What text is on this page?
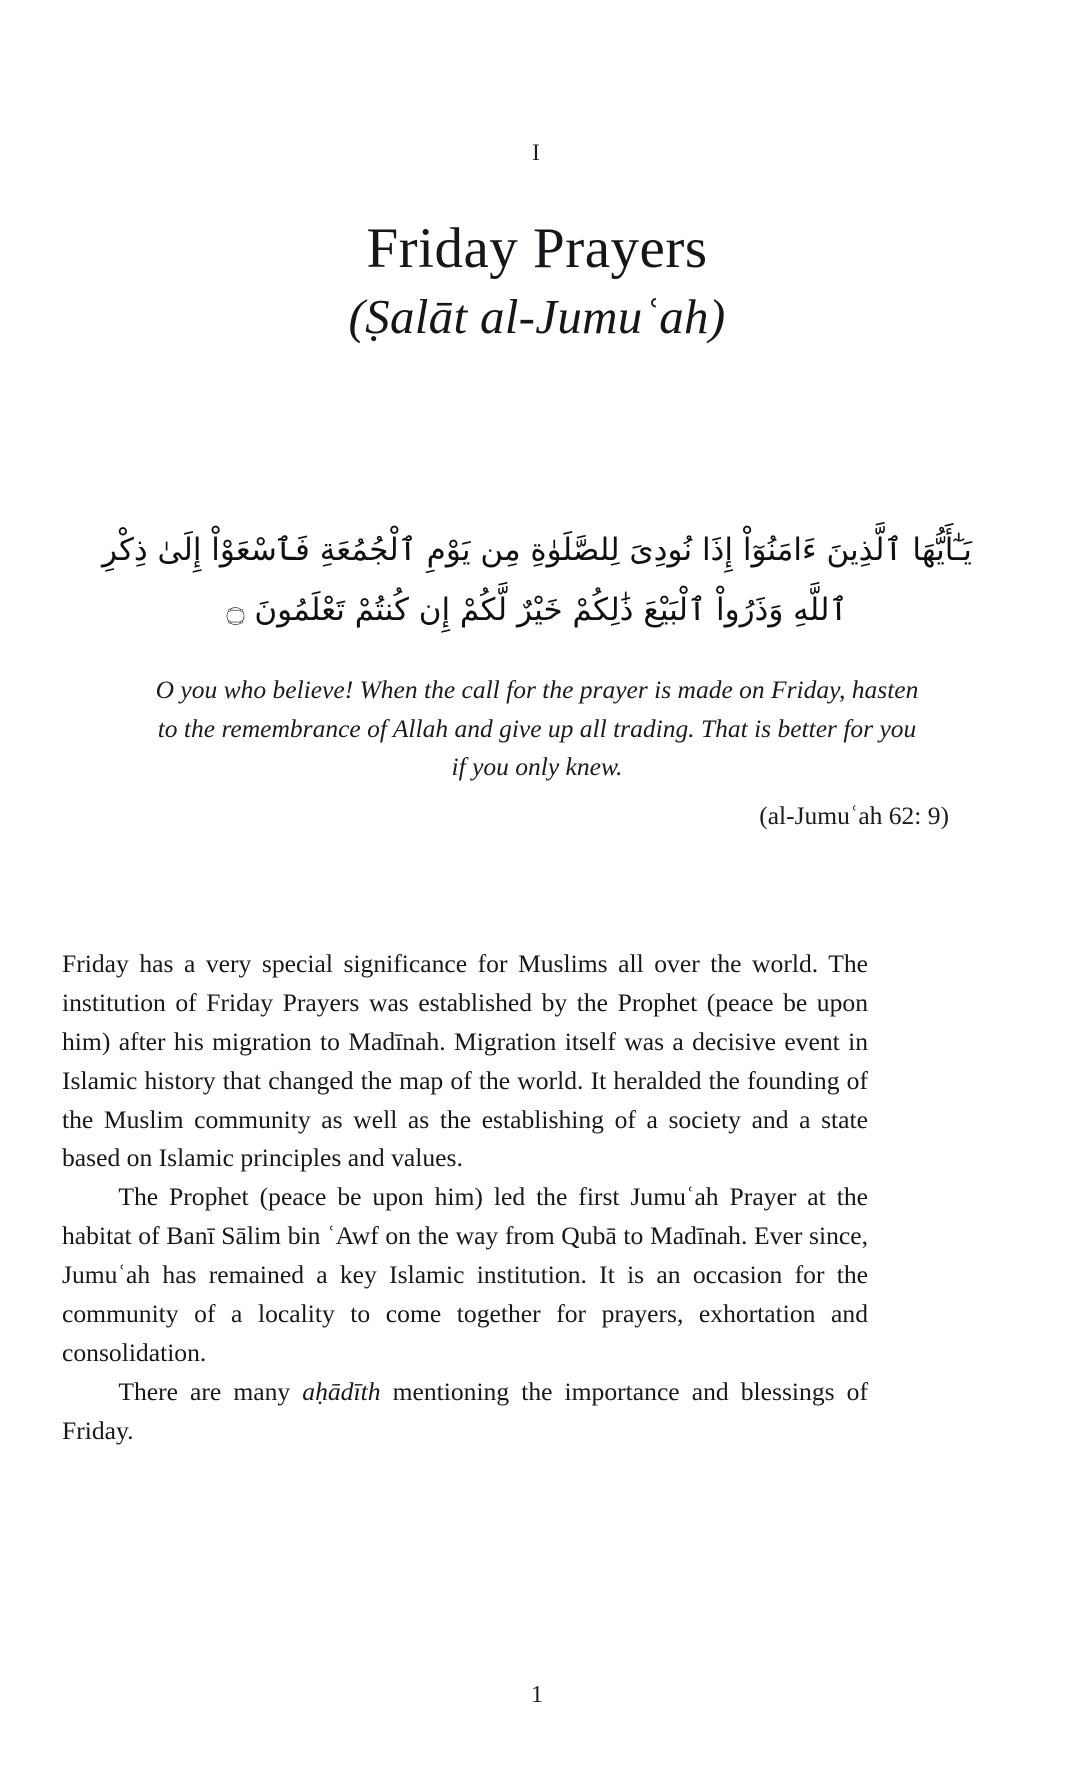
I
Friday Prayers
(Ṣalāt al-Jumuʿah)
يَـٰٓأَيُّهَا ٱلَّذِينَ ءَامَنُوٓاْ إِذَا نُودِىَ لِلصَّلَوٰةِ مِن يَوْمِ ٱلْجُمُعَةِ فَٱسْعَوْاْ إِلَىٰ ذِكْرِ
ٱللَّهِ وَذَرُواْ ٱلْبَيْعَ ذَٰلِكُمْ خَيْرٌ لَّكُمْ إِن كُنتُمْ تَعْلَمُونَ ۝
O you who believe! When the call for the prayer is made on Friday, hasten to the remembrance of Allah and give up all trading. That is better for you if you only knew.
(al-Jumuʿah 62: 9)

Friday has a very special significance for Muslims all over the world. The institution of Friday Prayers was established by the Prophet (peace be upon him) after his migration to Madīnah. Migration itself was a decisive event in Islamic history that changed the map of the world. It heralded the founding of the Muslim community as well as the establishing of a society and a state based on Islamic principles and values.

The Prophet (peace be upon him) led the first Jumuʿah Prayer at the habitat of Banī Sālim bin ʿAwf on the way from Qubā to Madīnah. Ever since, Jumuʿah has remained a key Islamic institution. It is an occasion for the community of a locality to come together for prayers, exhortation and consolidation.

There are many aḥādīth mentioning the importance and blessings of Friday.

1
